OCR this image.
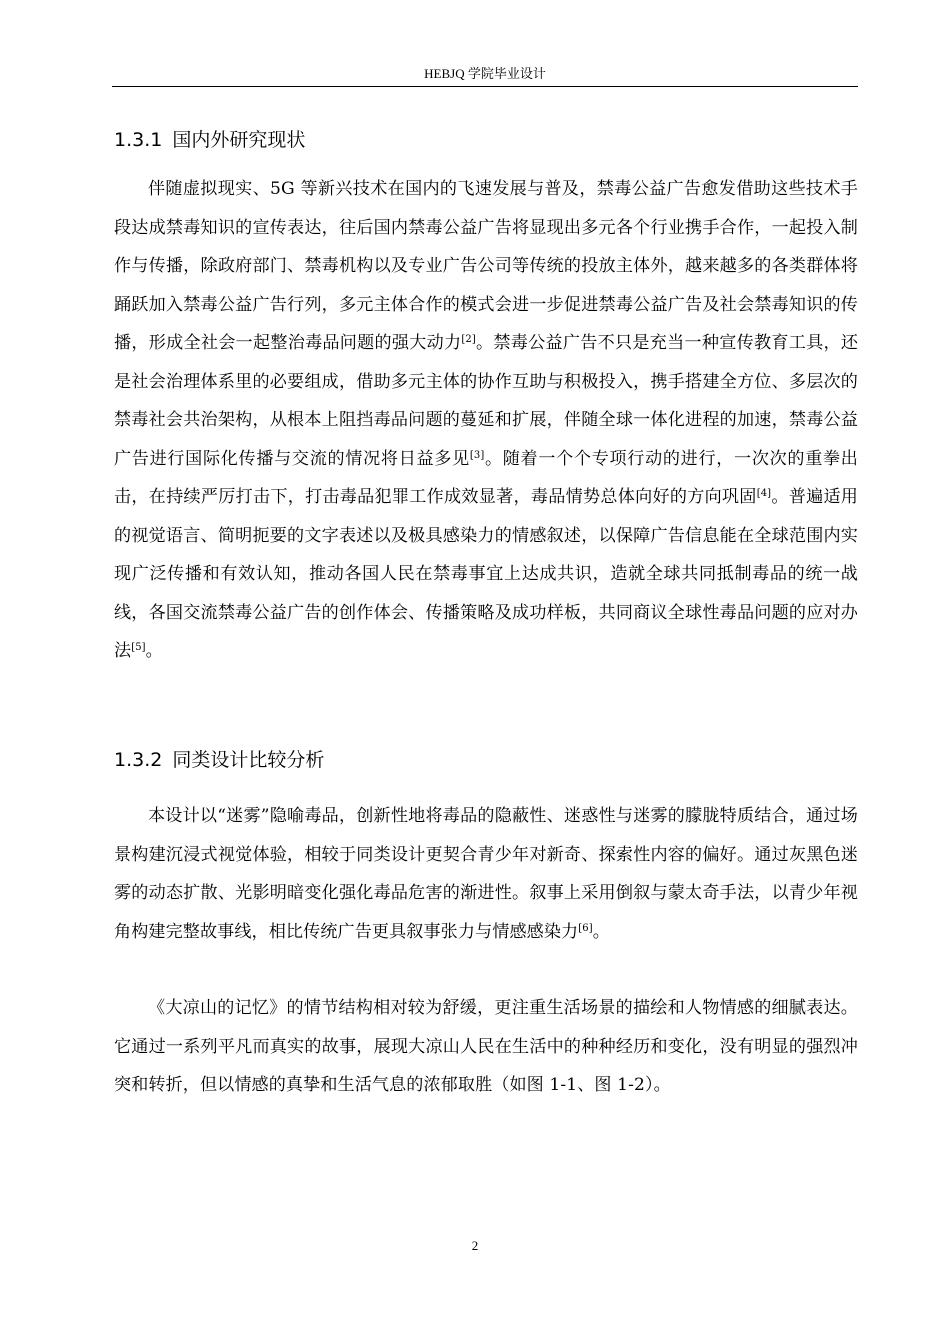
HEBJQ 学院毕业设计
1.3.1 国内外研究现状

伴随虚拟现实、5G 等新兴技术在国内的飞速发展与普及，禁毒公益广告愈发借助这些技术手段达成禁毒知识的宣传表达，往后国内禁毒公益广告将显现出多元各个行业携手合作，一起投入制作与传播，除政府部门、禁毒机构以及专业广告公司等传统的投放主体外，越来越多的各类群体将踊跃加入禁毒公益广告行列，多元主体合作的模式会进一步促进禁毒公益广告及社会禁毒知识的传播，形成全社会一起整治毒品问题的强大动力[2]。禁毒公益广告不只是充当一种宣传教育工具，还是社会治理体系里的必要组成，借助多元主体的协作互助与积极投入，携手搭建全方位、多层次的禁毒社会共治架构，从根本上阻挡毒品问题的蔓延和扩展，伴随全球一体化进程的加速，禁毒公益广告进行国际化传播与交流的情况将日益多见[3]。随着一个个专项行动的进行，一次次的重拳出击，在持续严厉打击下，打击毒品犯罪工作成效显著，毒品情势总体向好的方向巩固[4]。普遍适用的视觉语言、简明扼要的文字表述以及极具感染力的情感叙述，以保障广告信息能在全球范围内实现广泛传播和有效认知，推动各国人民在禁毒事宜上达成共识，造就全球共同抵制毒品的统一战线，各国交流禁毒公益广告的创作体会、传播策略及成功样板，共同商议全球性毒品问题的应对办法[5]。

1.3.2 同类设计比较分析

本设计以“迷雾”隐喻毒品，创新性地将毒品的隐蔽性、迷惑性与迷雾的朦胧特质结合，通过场景构建沉浸式视觉体验，相较于同类设计更契合青少年对新奇、探索性内容的偏好。通过灰黑色迷雾的动态扩散、光影明暗变化强化毒品危害的渐进性。叙事上采用倒叙与蒙太奇手法，以青少年视角构建完整故事线，相比传统广告更具叙事张力与情感感染力[6]。

《大凉山的记忆》的情节结构相对较为舒缓，更注重生活场景的描绘和人物情感的细腻表达。它通过一系列平凡而真实的故事，展现大凉山人民在生活中的种种经历和变化，没有明显的强烈冲突和转折，但以情感的真挚和生活气息的浓郁取胜（如图 1-1、图 1-2）。

2
